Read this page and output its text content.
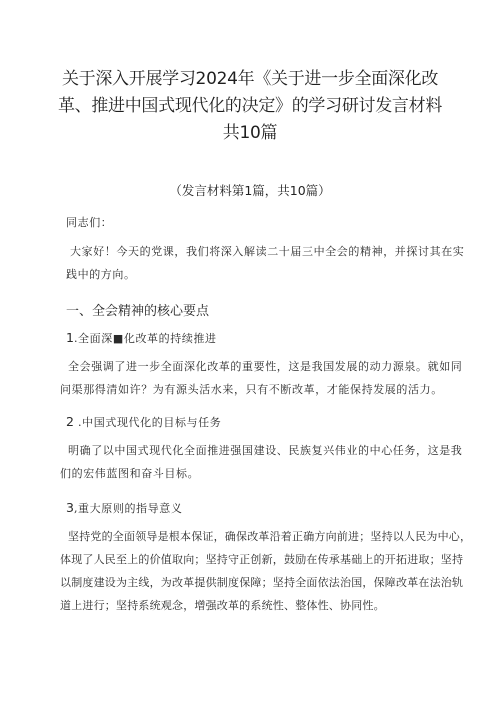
关于深入开展学习2024年《关于进一步全面深化改
革、推进中国式现代化的决定》的学习研讨发言材料
共10篇
（发言材料第1篇，共10篇）
同志们：
大家好！今天的党课，我们将深入解读二十届三中全会的精神，并探讨其在实
践中的方向。
一、全会精神的核心要点
1.全面深■化改革的持续推进
全会强调了进一步全面深化改革的重要性，这是我国发展的动力源泉。就如同
问渠那得清如许？为有源头活水来，只有不断改革，才能保持发展的活力。
2 .中国式现代化的目标与任务
明确了以中国式现代化全面推进强国建设、民族复兴伟业的中心任务，这是我
们的宏伟蓝图和奋斗目标。
3,重大原则的指导意义
坚持党的全面领导是根本保证，确保改革沿着正确方向前进；坚持以人民为中心，
体现了人民至上的价值取向；坚持守正创新，鼓励在传承基础上的开拓进取；坚持
以制度建设为主线，为改革提供制度保障；坚持全面依法治国，保障改革在法治轨
道上进行；坚持系统观念，增强改革的系统性、整体性、协同性。
